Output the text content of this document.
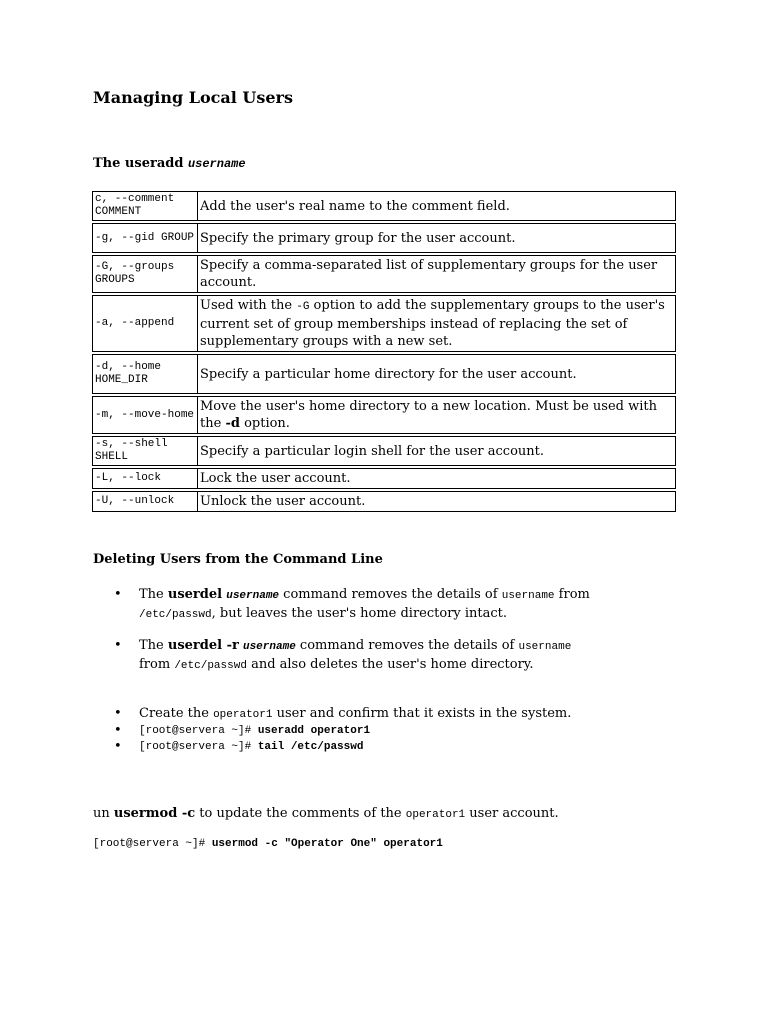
Managing Local Users
The useradd username
c, --comment COMMENT	Add the user's real name to the comment field.
-g, --gid GROUP	Specify the primary group for the user account.
-G, --groups GROUPS	Specify a comma-separated list of supplementary groups for the user account.
-a, --append	Used with the -G option to add the supplementary groups to the user's current set of group memberships instead of replacing the set of supplementary groups with a new set.
-d, --home HOME_DIR	Specify a particular home directory for the user account.
-m, --move-home	Move the user's home directory to a new location. Must be used with the -d option.
-s, --shell SHELL	Specify a particular login shell for the user account.
-L, --lock	Lock the user account.
-U, --unlock	Unlock the user account.
Deleting Users from the Command Line
• The userdel username command removes the details of username from /etc/passwd, but leaves the user's home directory intact.
• The userdel -r username command removes the details of username from /etc/passwd and also deletes the user's home directory.
• Create the operator1 user and confirm that it exists in the system.
• [root@servera ~]# useradd operator1
• [root@servera ~]# tail /etc/passwd
un usermod -c to update the comments of the operator1 user account.
[root@servera ~]# usermod -c "Operator One" operator1
